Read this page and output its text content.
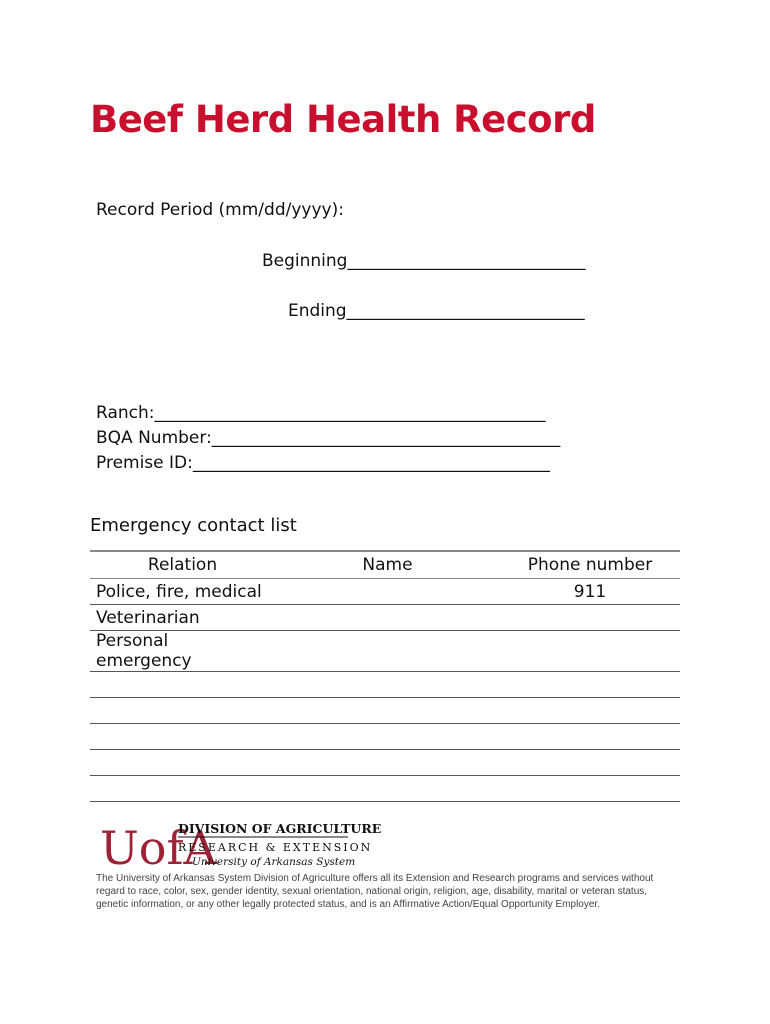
Beef Herd Health Record
Record Period (mm/dd/yyyy):
Beginning____________________________
Ending____________________________
Ranch:______________________________________________
BQA Number:_________________________________________
Premise ID:__________________________________________
Emergency contact list
Relation	Name	Phone number
Police, fire, medical		911
Veterinarian		
Personal emergency		

UofA
DIVISION OF AGRICULTURE
RESEARCH & EXTENSION
University of Arkansas System

The University of Arkansas System Division of Agriculture offers all its Extension and Research programs and services without regard to race, color, sex, gender identity, sexual orientation, national origin, religion, age, disability, marital or veteran status, genetic information, or any other legally protected status, and is an Affirmative Action/Equal Opportunity Employer.
